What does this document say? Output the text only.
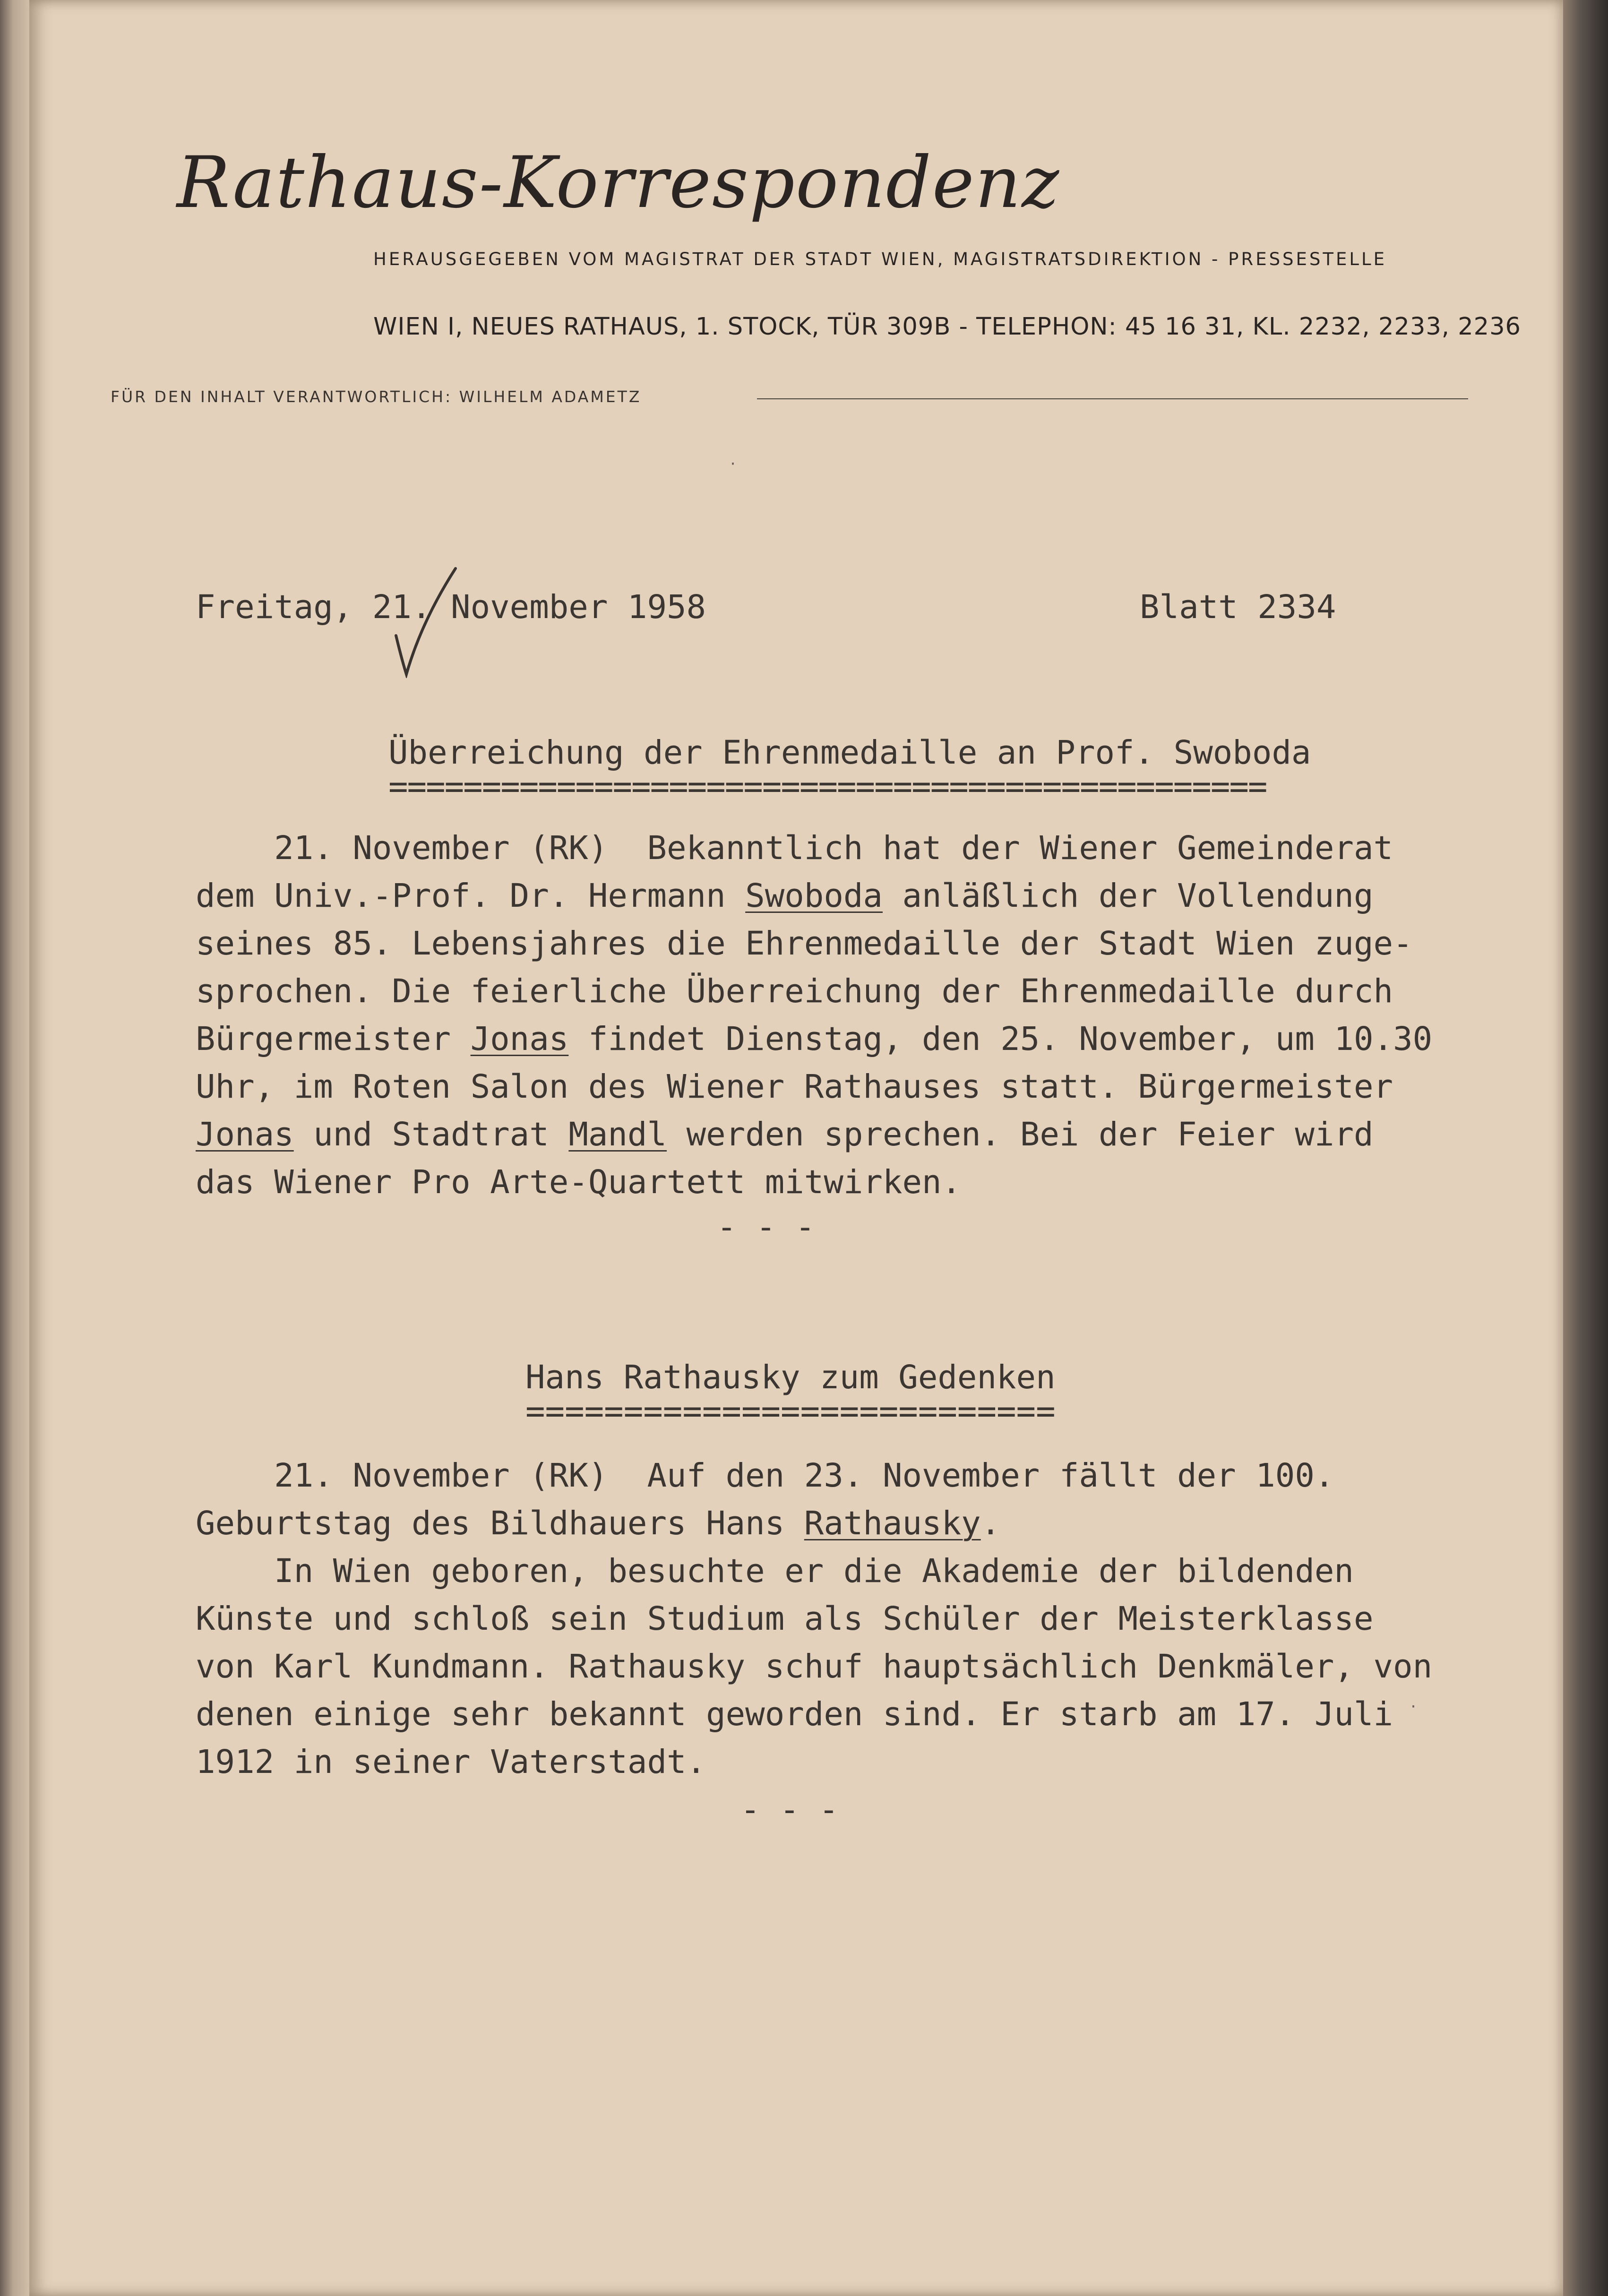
Rathaus-Korrespondenz
HERAUSGEGEBEN VOM MAGISTRAT DER STADT WIEN, MAGISTRATSDIREKTION - PRESSESTELLE
WIEN I, NEUES RATHAUS, 1. STOCK, TÜR 309B - TELEPHON: 45 16 31, KL. 2232, 2233, 2236
FÜR DEN INHALT VERANTWORTLICH: WILHELM ADAMETZ
Freitag, 21. November 1958	Blatt 2334
Überreichung der Ehrenmedaille an Prof. Swoboda
===============================================
21. November (RK)  Bekanntlich hat der Wiener Gemeinderat
dem Univ.-Prof. Dr. Hermann Swoboda anläßlich der Vollendung
seines 85. Lebensjahres die Ehrenmedaille der Stadt Wien zuge-
sprochen. Die feierliche Überreichung der Ehrenmedaille durch
Bürgermeister Jonas findet Dienstag, den 25. November, um 10.30
Uhr, im Roten Salon des Wiener Rathauses statt. Bürgermeister
Jonas und Stadtrat Mandl werden sprechen. Bei der Feier wird
das Wiener Pro Arte-Quartett mitwirken.
- - -
Hans Rathausky zum Gedenken
===========================
21. November (RK)  Auf den 23. November fällt der 100.
Geburtstag des Bildhauers Hans Rathausky.
In Wien geboren, besuchte er die Akademie der bildenden
Künste und schloß sein Studium als Schüler der Meisterklasse
von Karl Kundmann. Rathausky schuf hauptsächlich Denkmäler, von
denen einige sehr bekannt geworden sind. Er starb am 17. Juli
1912 in seiner Vaterstadt.
- - -
·
·
